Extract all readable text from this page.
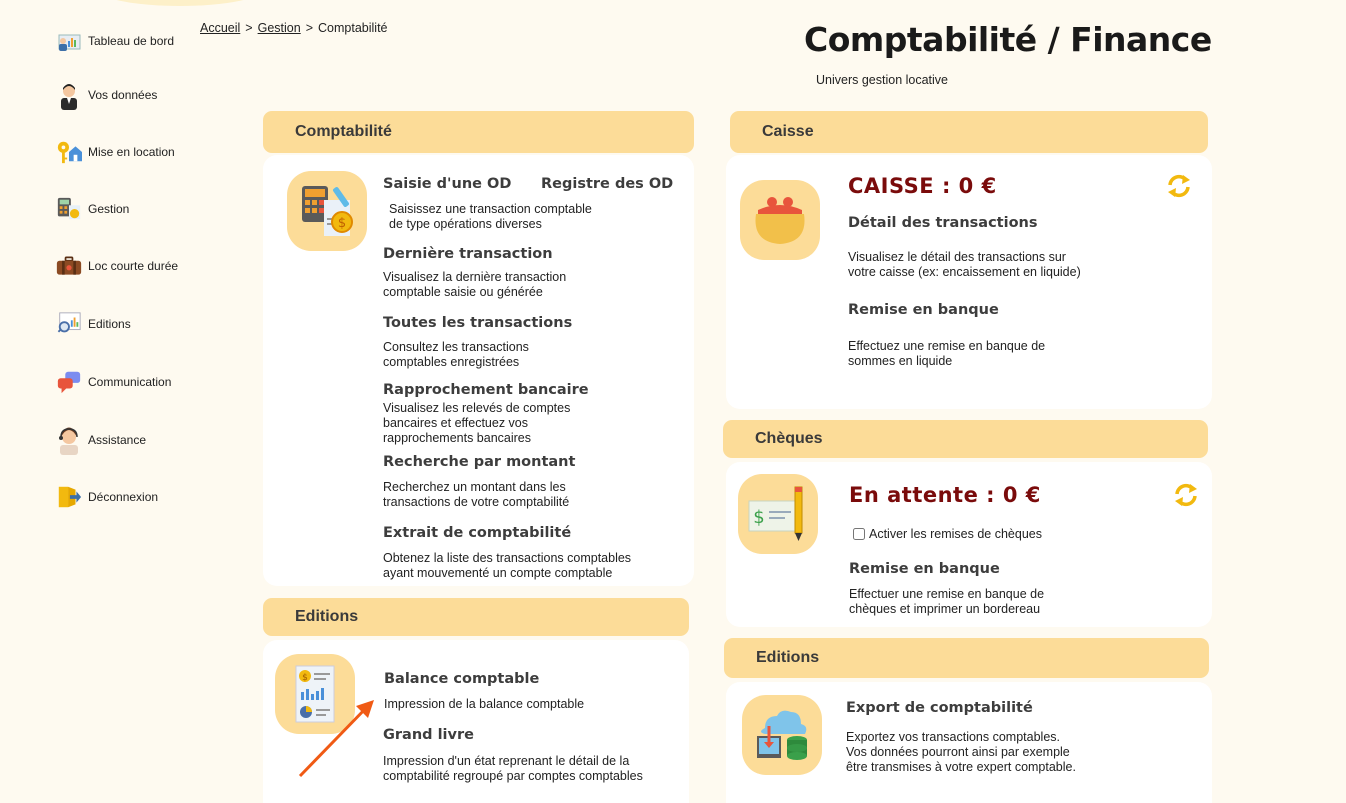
Tableau de bord
Vos données
Mise en location
Gestion
Loc courte durée
Editions
Communication
Assistance
Déconnexion
Accueil > Gestion > Comptabilité	Comptabilité / Finance
Univers gestion locative
Comptabilité
$
Saisie d'une OD Registre des OD
Saisissez une transaction comptable
de type opérations diverses
Dernière transaction
Visualisez la dernière transaction
comptable saisie ou générée
Toutes les transactions
Consultez les transactions
comptables enregistrées
Rapprochement bancaire
Visualisez les relevés de comptes
bancaires et effectuez vos
rapprochements bancaires
Recherche par montant
Recherchez un montant dans les
transactions de votre comptabilité
Extrait de comptabilité
Obtenez la liste des transactions comptables
ayant mouvementé un compte comptable
Editions
$	Balance comptable
Impression de la balance comptable
Grand livre
Impression d'un état reprenant le détail de la
comptabilité regroupé par comptes comptables
Caisse
CAISSE : 0 €
Détail des transactions
Visualisez le détail des transactions sur
votre caisse (ex: encaissement en liquide)
Remise en banque
Effectuez une remise en banque de
sommes en liquide
Chèques
$
En attente : 0 €
Activer les remises de chèques
Remise en banque
Effectuer une remise en banque de
chèques et imprimer un bordereau
Editions
Export de comptabilité
Exportez vos transactions comptables.
Vos données pourront ainsi par exemple
être transmises à votre expert comptable.
